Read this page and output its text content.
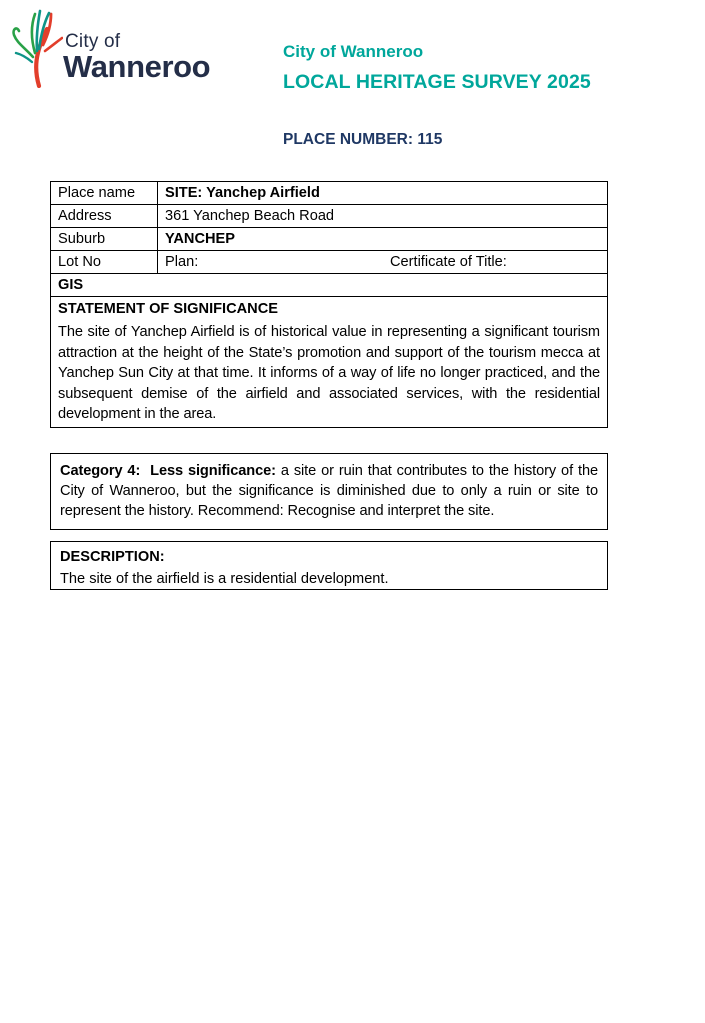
City of
Wanneroo	City of Wanneroo
LOCAL HERITAGE SURVEY 2025
PLACE NUMBER: 115
Place name	SITE: Yanchep Airfield
Address	361 Yanchep Beach Road
Suburb	YANCHEP
Lot No	Plan: Certificate of Title:
GIS	

STATEMENT OF SIGNIFICANCE
The site of Yanchep Airfield is of historical value in representing a significant tourism attraction at the height of the State’s promotion and support of the tourism mecca at Yanchep Sun City at that time. It informs of a way of life no longer practiced, and the subsequent demise of the airfield and associated services, with the residential development in the area.	
Category 4:  Less significance: a site or ruin that contributes to the history of the City of Wanneroo, but the significance is diminished due to only a ruin or site to represent the history. Recommend: Recognise and interpret the site.
DESCRIPTION:
The site of the airfield is a residential development.
